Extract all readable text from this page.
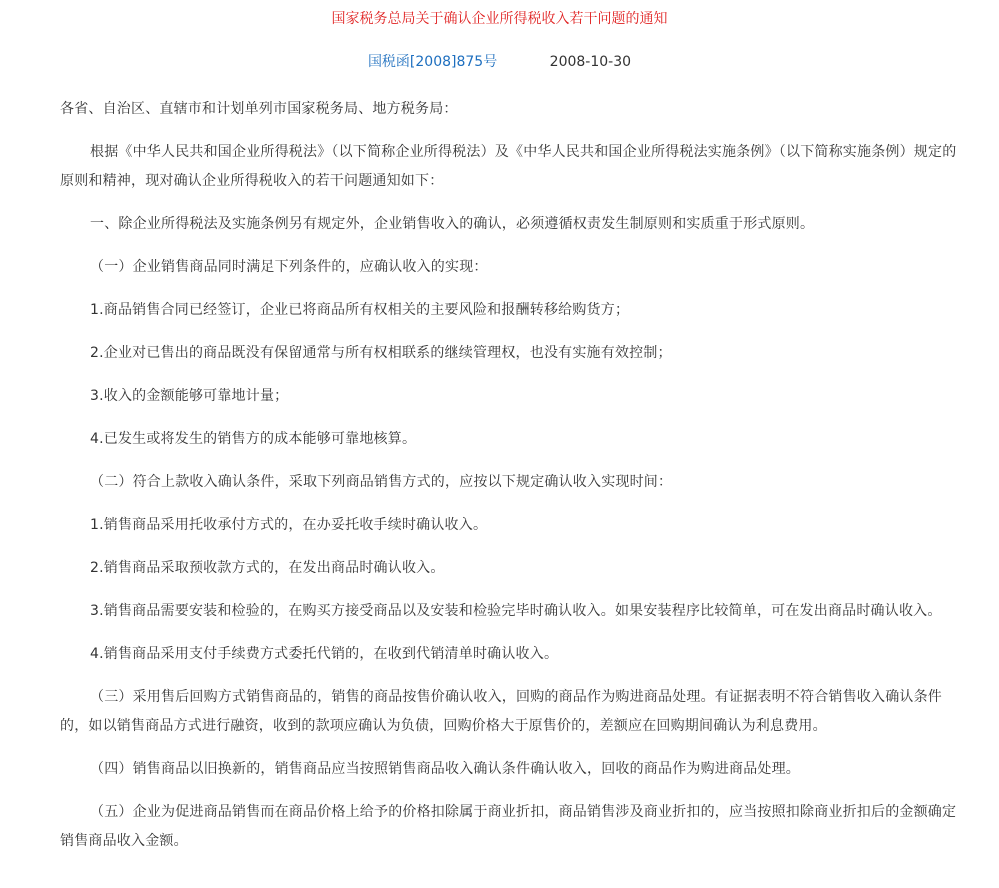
国家税务总局关于确认企业所得税收入若干问题的通知
国税函[2008]875号	2008-10-30

各省、自治区、直辖市和计划单列市国家税务局、地方税务局：

根据《中华人民共和国企业所得税法》（以下简称企业所得税法）及《中华人民共和国企业所得税法实施条例》（以下简称实施条例）规定的原则和精神，现对确认企业所得税收入的若干问题通知如下：

一、除企业所得税法及实施条例另有规定外，企业销售收入的确认，必须遵循权责发生制原则和实质重于形式原则。

（一）企业销售商品同时满足下列条件的，应确认收入的实现：

1.商品销售合同已经签订，企业已将商品所有权相关的主要风险和报酬转移给购货方；

2.企业对已售出的商品既没有保留通常与所有权相联系的继续管理权，也没有实施有效控制；

3.收入的金额能够可靠地计量；

4.已发生或将发生的销售方的成本能够可靠地核算。

（二）符合上款收入确认条件，采取下列商品销售方式的，应按以下规定确认收入实现时间：

1.销售商品采用托收承付方式的，在办妥托收手续时确认收入。

2.销售商品采取预收款方式的，在发出商品时确认收入。

3.销售商品需要安装和检验的，在购买方接受商品以及安装和检验完毕时确认收入。如果安装程序比较简单，可在发出商品时确认收入。

4.销售商品采用支付手续费方式委托代销的，在收到代销清单时确认收入。

（三）采用售后回购方式销售商品的，销售的商品按售价确认收入，回购的商品作为购进商品处理。有证据表明不符合销售收入确认条件的，如以销售商品方式进行融资，收到的款项应确认为负债，回购价格大于原售价的，差额应在回购期间确认为利息费用。

（四）销售商品以旧换新的，销售商品应当按照销售商品收入确认条件确认收入，回收的商品作为购进商品处理。

（五）企业为促进商品销售而在商品价格上给予的价格扣除属于商业折扣，商品销售涉及商业折扣的，应当按照扣除商业折扣后的金额确定销售商品收入金额。
